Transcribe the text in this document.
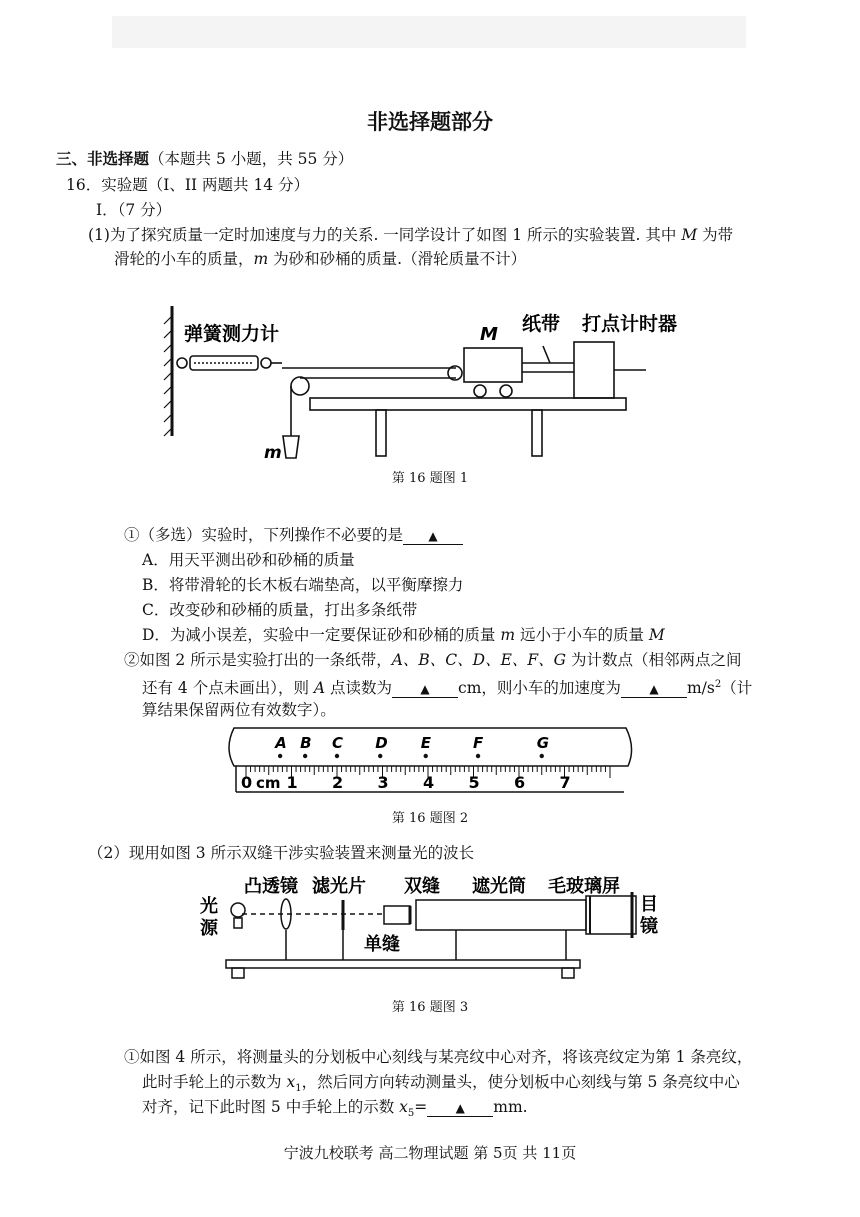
非选择题部分
三、非选择题（本题共 5 小题，共 55 分）
16．实验题（I、II 两题共 14 分）
I．（7 分）
(1)为了探究质量一定时加速度与力的关系. 一同学设计了如图 1 所示的实验装置. 其中 M 为带
滑轮的小车的质量，m 为砂和砂桶的质量.（滑轮质量不计）
弹簧测力计	M 纸带 打点计时器
m
第 16 题图 1
①（多选）实验时，下列操作不必要的是 ▲
A．用天平测出砂和砂桶的质量
B．将带滑轮的长木板右端垫高，以平衡摩擦力
C．改变砂和砂桶的质量，打出多条纸带
D．为减小误差，实验中一定要保证砂和砂桶的质量 m 远小于小车的质量 M
②如图 2 所示是实验打出的一条纸带，A、B、C、D、E、F、G 为计数点（相邻两点之间
还有 4 个点未画出），则 A 点读数为 ▲ cm，则小车的加速度为 ▲ $m/s^2$（计
算结果保留两位有效数字）。
A B C D E	F	G
0 1 2 3 4 5 6 7
cm
第 16 题图 2
（2）现用如图 3 所示双缝干涉实验装置来测量光的波长
凸透镜 滤光片 双缝 遮光筒 毛玻璃屏
光
源
单缝
目
镜
第 16 题图 3
①如图 4 所示，将测量头的分划板中心刻线与某亮纹中心对齐，将该亮纹定为第 1 条亮纹，
此时手轮上的示数为 $x_1$，然后同方向转动测量头，使分划板中心刻线与第 5 条亮纹中心
对齐，记下此时图 5 中手轮上的示数 $x_5=$ ▲ mm.
宁波九校联考 高二物理试题 第 5页 共 11页
